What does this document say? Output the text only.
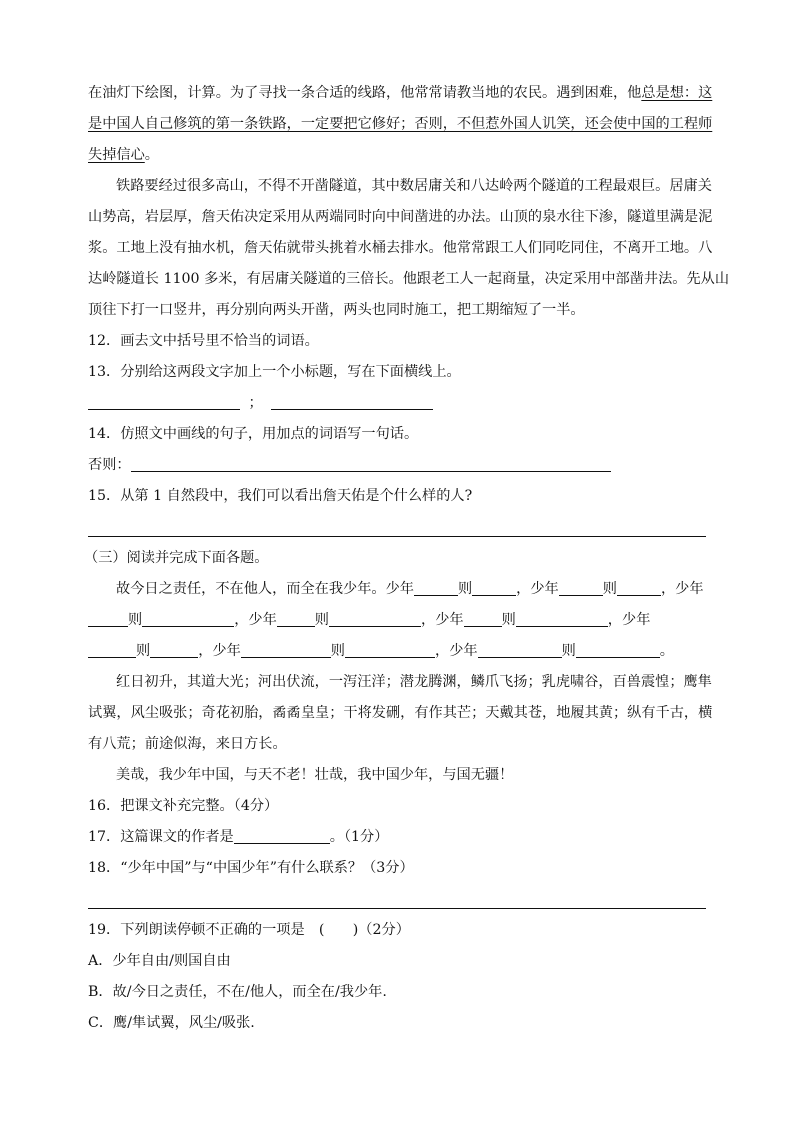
在油灯下绘图，计算。为了寻找一条合适的线路，他常常请教当地的农民。遇到困难，他总是想：这
是中国人自己修筑的第一条铁路，一定要把它修好；否则，不但惹外国人讥笑，还会使中国的工程师
失掉信心。
铁路要经过很多高山，不得不开凿隧道，其中数居庸关和八达岭两个隧道的工程最艰巨。居庸关
山势高，岩层厚，詹天佑决定采用从两端同时向中间凿进的办法。山顶的泉水往下渗，隧道里满是泥
浆。工地上没有抽水机，詹天佑就带头挑着水桶去排水。他常常跟工人们同吃同住，不离开工地。八
达岭隧道长 1100 多米，有居庸关隧道的三倍长。他跟老工人一起商量，决定采用中部凿井法。先从山
顶往下打一口竖井，再分别向两头开凿，两头也同时施工，把工期缩短了一半。
12．画去文中括号里不恰当的词语。
13．分别给这两段文字加上一个小标题，写在下面横线上。
；
14．仿照文中画线的句子，用加点的词语写一句话。
否则：
15．从第 1 自然段中，我们可以看出詹天佑是个什么样的人?
（三）阅读并完成下面各题。
故今日之责任，不在他人，而全在我少年。少年	则	，少年	则	，少年
则	，少年	则	，少年	则	，少年
则	，少年	则	，少年	则	。
红日初升，其道大光；河出伏流，一泻汪洋；潜龙腾渊，鳞爪飞扬；乳虎啸谷，百兽震惶；鹰隼
试翼，风尘吸张；奇花初胎，矞矞皇皇；干将发硎，有作其芒；天戴其苍，地履其黄；纵有千古，横
有八荒；前途似海，来日方长。
美哉，我少年中国，与天不老！壮哉，我中国少年，与国无疆！
16．把课文补充完整。（4分）
17．这篇课文的作者是	。（1分）
18．“少年中国”与“中国少年”有什么联系？（3分）
19．下列朗读停顿不正确的一项是　(　　)（2分）
A．少年自由/则国自由
B．故/今日之责任，不在/他人，而全在/我少年.
C．鹰/隼试翼，风尘/吸张.
